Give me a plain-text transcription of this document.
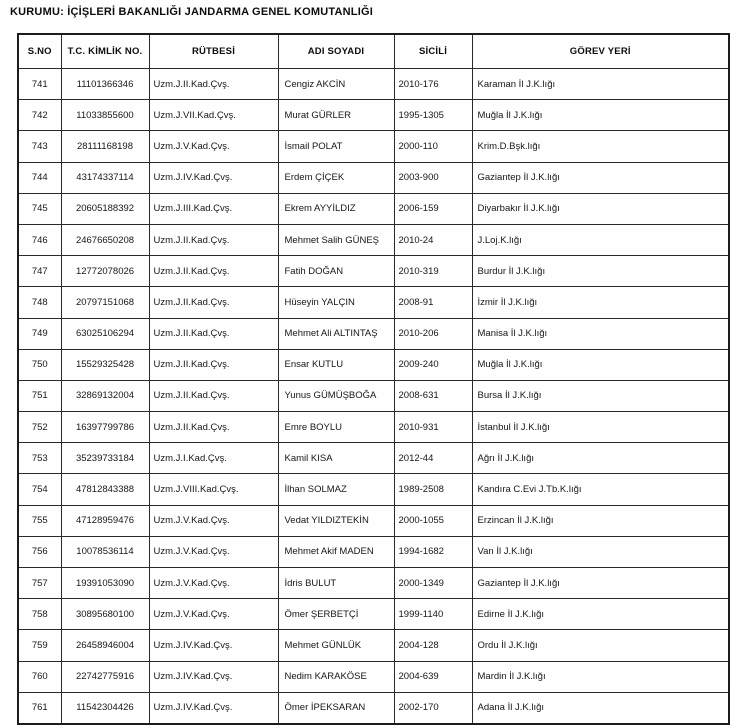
KURUMU: İÇİŞLERİ BAKANLIĞI JANDARMA GENEL KOMUTANLIĞI
S.NO	T.C. KİMLİK NO.	RÜTBESİ	ADI SOYADI	SİCİLİ	GÖREV YERİ
741	11101366346	Uzm.J.II.Kad.Çvş.	Cengiz AKCİN	2010-176	Karaman İl J.K.lığı
742	11033855600	Uzm.J.VII.Kad.Çvş.	Murat GÜRLER	1995-1305	Muğla İl J.K.lığı
743	28111168198	Uzm.J.V.Kad.Çvş.	İsmail POLAT	2000-110	Krim.D.Bşk.lığı
744	43174337114	Uzm.J.IV.Kad.Çvş.	Erdem ÇİÇEK	2003-900	Gaziantep İl J.K.lığı
745	20605188392	Uzm.J.III.Kad.Çvş.	Ekrem AYYİLDIZ	2006-159	Diyarbakır İl J.K.lığı
746	24676650208	Uzm.J.II.Kad.Çvş.	Mehmet Salih GÜNEŞ	2010-24	J.Loj.K.lığı
747	12772078026	Uzm.J.II.Kad.Çvş.	Fatih DOĞAN	2010-319	Burdur İl J.K.lığı
748	20797151068	Uzm.J.II.Kad.Çvş.	Hüseyin YALÇIN	2008-91	İzmir İl J.K.lığı
749	63025106294	Uzm.J.II.Kad.Çvş.	Mehmet Ali ALTINTAŞ	2010-206	Manisa İl J.K.lığı
750	15529325428	Uzm.J.II.Kad.Çvş.	Ensar KUTLU	2009-240	Muğla İl J.K.lığı
751	32869132004	Uzm.J.II.Kad.Çvş.	Yunus GÜMÜŞBOĞA	2008-631	Bursa İl J.K.lığı
752	16397799786	Uzm.J.II.Kad.Çvş.	Emre BOYLU	2010-931	İstanbul İl J.K.lığı
753	35239733184	Uzm.J.I.Kad.Çvş.	Kamil KISA	2012-44	Ağrı İl J.K.lığı
754	47812843388	Uzm.J.VIII.Kad.Çvş.	İlhan SOLMAZ	1989-2508	Kandıra C.Evi J.Tb.K.lığı
755	47128959476	Uzm.J.V.Kad.Çvş.	Vedat YILDIZTEKİN	2000-1055	Erzincan İl J.K.lığı
756	10078536114	Uzm.J.V.Kad.Çvş.	Mehmet Akif MADEN	1994-1682	Van İl J.K.lığı
757	19391053090	Uzm.J.V.Kad.Çvş.	İdris BULUT	2000-1349	Gaziantep İl J.K.lığı
758	30895680100	Uzm.J.V.Kad.Çvş.	Ömer ŞERBETÇİ	1999-1140	Edirne İl J.K.lığı
759	26458946004	Uzm.J.IV.Kad.Çvş.	Mehmet GÜNLÜK	2004-128	Ordu İl J.K.lığı
760	22742775916	Uzm.J.IV.Kad.Çvş.	Nedim KARAKÖSE	2004-639	Mardin İl J.K.lığı
761	11542304426	Uzm.J.IV.Kad.Çvş.	Ömer İPEKSARAN	2002-170	Adana İl J.K.lığı
